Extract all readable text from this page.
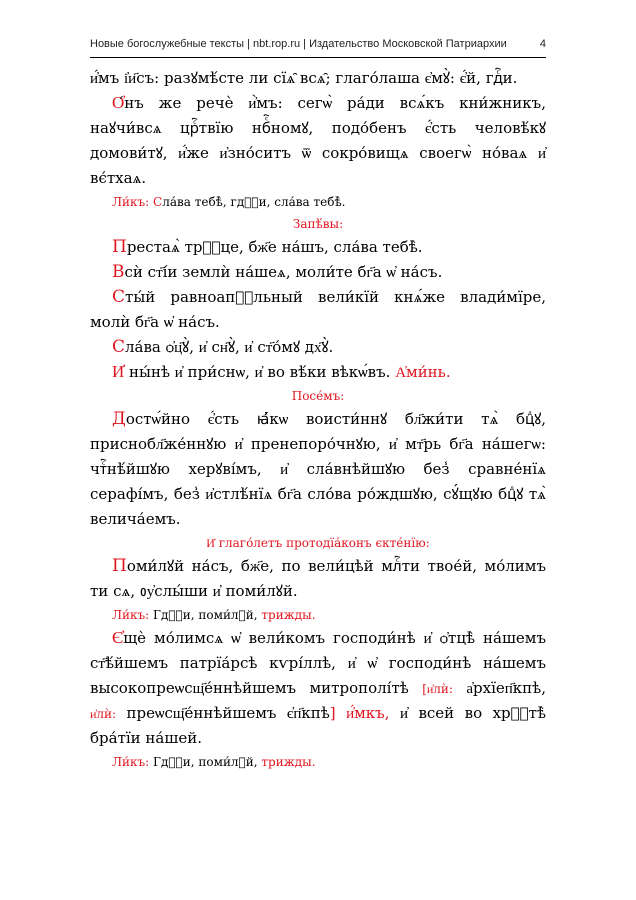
Новые богослужебные тексты | nbt.rop.ru | Издательство Московской Патриархии	4

и҆́мъ і҆и҃съ: разꙋмѣ́сте ли сїѧ̑ всѧ̑; глаго́лаша є҆мꙋ̀: є҆́й, гдⷭ҇и.

О҆́нъ же речѐ и҆̀мъ: сегѡ̀ ра́ди всѧ́къ кни́жникъ, наꙋчи́всѧ црⷭ҇твїю нбⷭ҇номꙋ, подо́бенъ є҆́сть человѣ́кꙋ домови́тꙋ, и҆́же и҆зно́ситъ ѿ сокро́вищѧ своегѡ̀ но́ваѧ и҆ вє́тхаѧ.

Ли́къ: Сла́ва тебѣ̀, гдⷭ҇и, сла́ва тебѣ̀.

Запѣ́вы:

Престаѧ̀ трⷪ҇це, бж҃е на́шъ, сла́ва тебѣ̀.

Всѝ ст҃і́и землѝ на́шеѧ, моли́те бг҃а ѡ҆ на́съ.

Сты́й равноапⷭ҇льный вели́кїй кнѧ́же влади́мїре, молѝ бг҃а ѡ҆ на́съ.

Сла́ва ѻ҆ц҃ꙋ̀, и҆ сн҃ꙋ̀, и҆ ст҃о́мꙋ дх҃ꙋ̀.

И҆ ны́нѣ и҆ при́снѡ, и҆ во вѣ́ки вѣкѡ́въ. А҆ми́нь.

Посе́мъ:

Достѡ́йно є҆́сть ꙗ҆́кѡ воисти́ннꙋ бл҃жи́ти тѧ̀ бцⷣꙋ, приснобл҃же́ннꙋю и҆ пренепоро́чнꙋю, и҆ мт҃рь бг҃а на́шегѡ: чтⷭ҇нѣ́йшꙋю херꙋві́мъ, и҆ сла́внѣйшꙋю без̾ сравне́нїѧ серафі́мъ, без̾ и҆стлѣ́нїѧ бг҃а сло́ва ро́ждшꙋю, сꙋ́щꙋю бцⷣꙋ тѧ̀ велича́емъ.

И҆ глаго́летъ протодїа́конъ єкте́нїю:

Поми́лꙋй на́съ, бж҃е, по вели́цѣй млⷭ҇ти твое́й, мо́лимъ ти сѧ, ᲂу҆слы́ши и҆ поми́лꙋй.

Ли́къ: Гдⷭ҇и, поми́лꙋй, трижды.

Є҆щѐ мо́лимсѧ ѡ҆ вели́комъ господи́нѣ и҆ ѻ҆тцѣ̀ на́шемъ ст҃ѣ́йшемъ патрїа́рсѣ кѵрі́ллѣ, и҆ ѡ҆ господи́нѣ на́шемъ высокопреѡсщ҃е́ннѣйшемъ митрополі́тѣ [и҆лѝ: а҆рхїеп҃кпѣ, и҆лѝ: преѡсщ҃е́ннѣйшемъ є҆п҃кпѣ] и҆́мкъ, и҆ всей во хрⷭ҇тѣ̀ бра́тїи на́шей.

Ли́къ: Гдⷭ҇и, поми́лꙋй, трижды.
